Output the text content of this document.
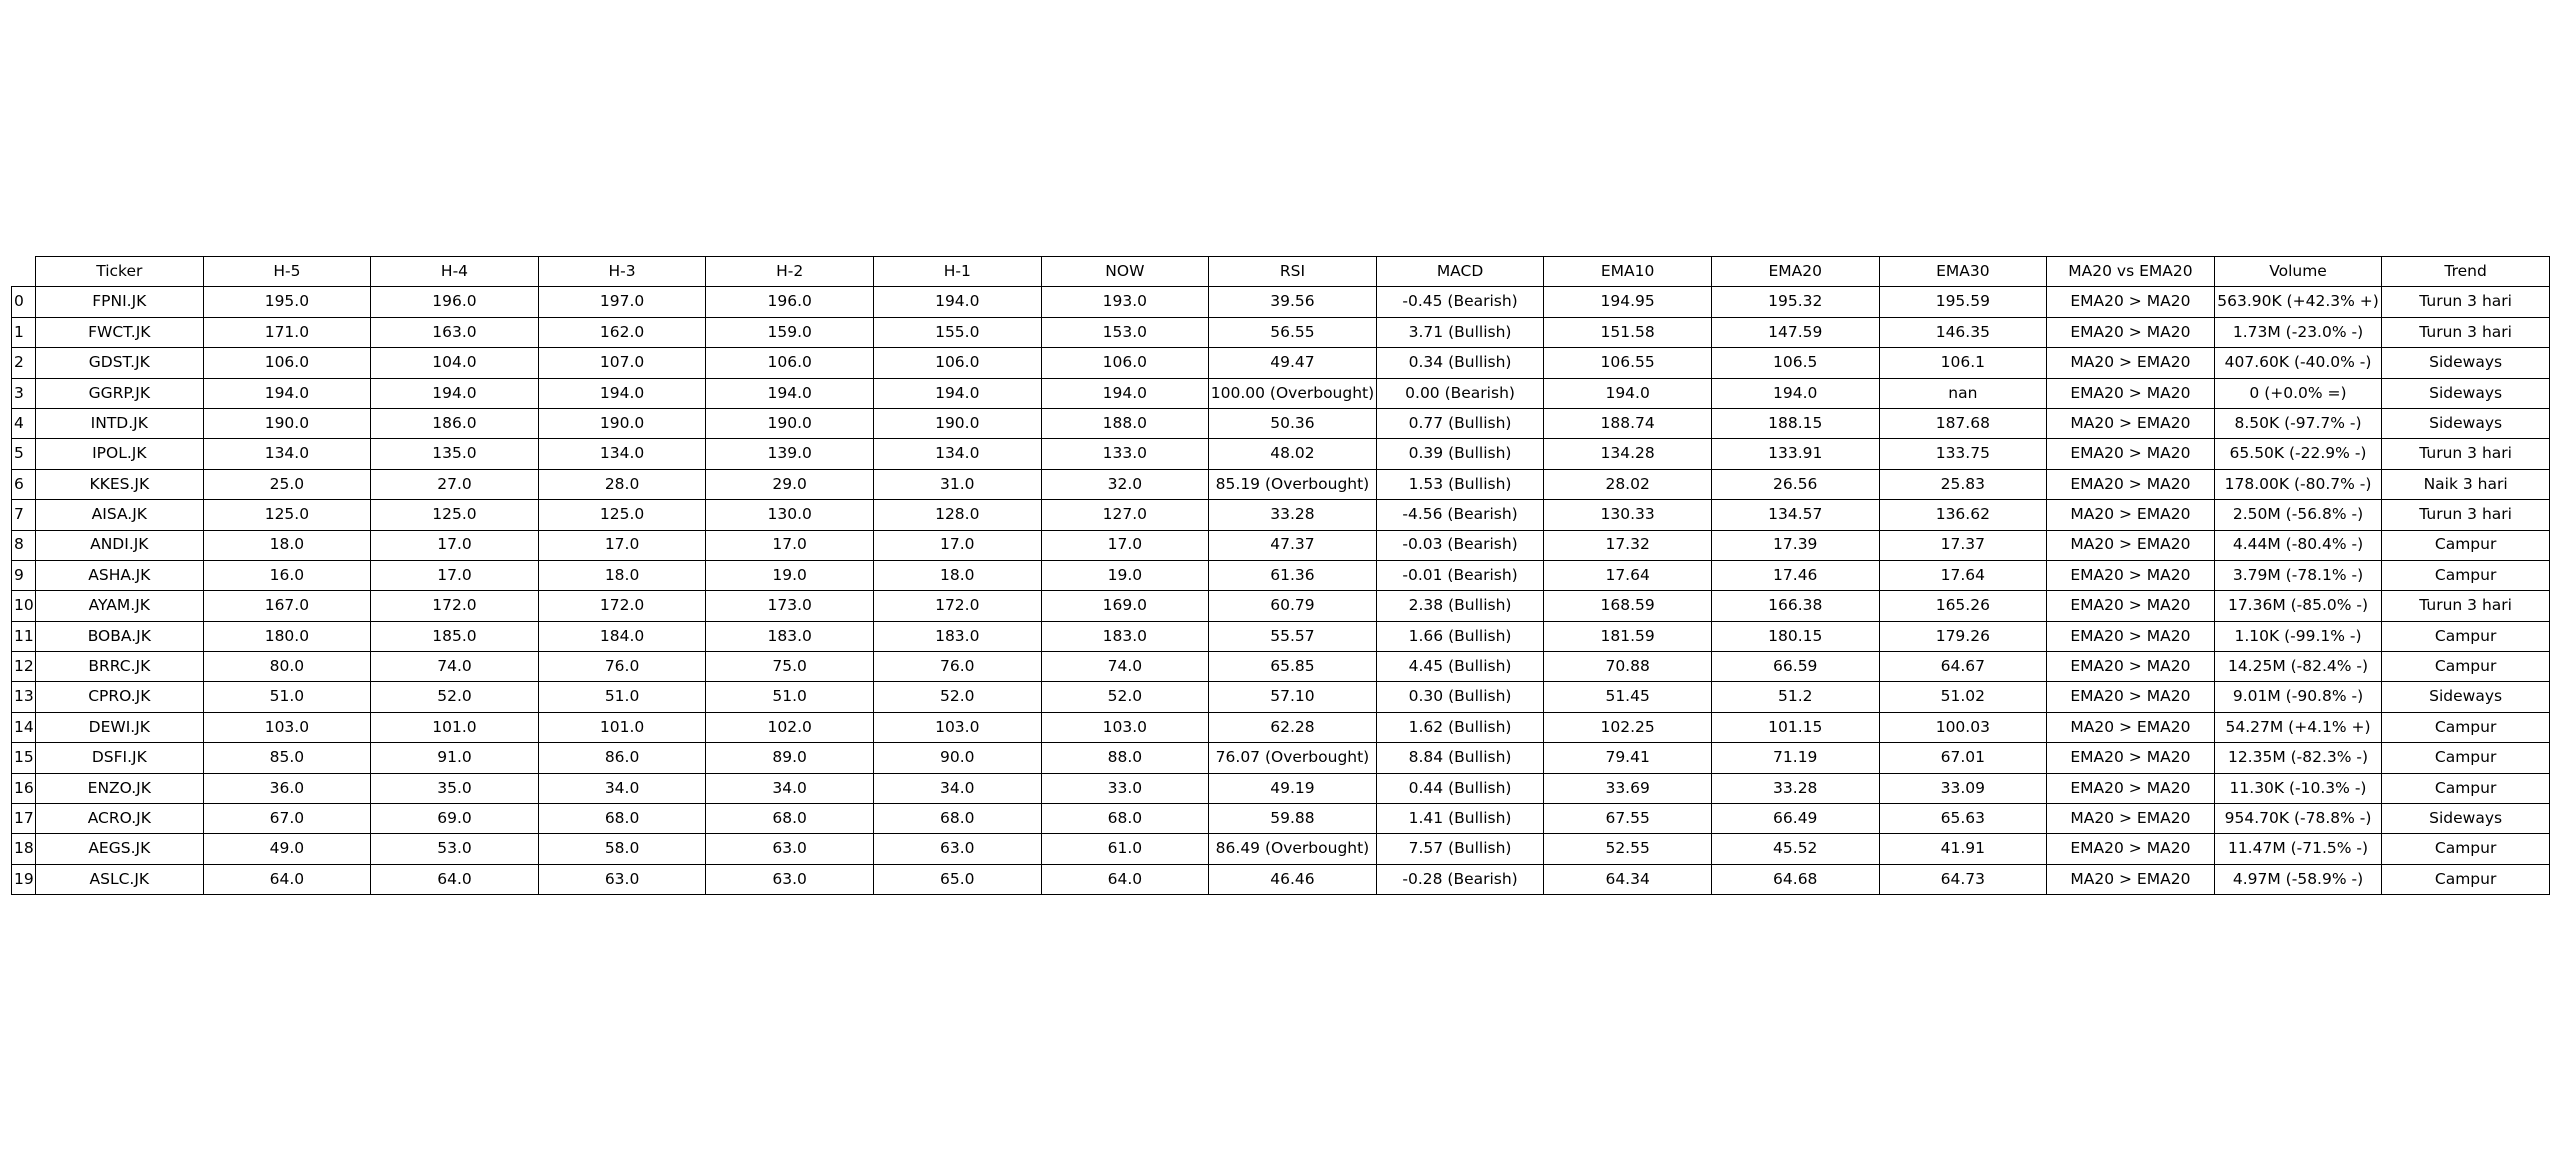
	Ticker	H-5	H-4	H-3	H-2	H-1	NOW	RSI	MACD	EMA10	EMA20	EMA30	MA20 vs EMA20	Volume	Trend
0	FPNI.JK	195.0	196.0	197.0	196.0	194.0	193.0	39.56	-0.45 (Bearish)	194.95	195.32	195.59	EMA20 > MA20	563.90K (+42.3% +)	Turun 3 hari
1	FWCT.JK	171.0	163.0	162.0	159.0	155.0	153.0	56.55	3.71 (Bullish)	151.58	147.59	146.35	EMA20 > MA20	1.73M (-23.0% -)	Turun 3 hari
2	GDST.JK	106.0	104.0	107.0	106.0	106.0	106.0	49.47	0.34 (Bullish)	106.55	106.5	106.1	MA20 > EMA20	407.60K (-40.0% -)	Sideways
3	GGRP.JK	194.0	194.0	194.0	194.0	194.0	194.0	100.00 (Overbought)	0.00 (Bearish)	194.0	194.0	nan	EMA20 > MA20	0 (+0.0% =)	Sideways
4	INTD.JK	190.0	186.0	190.0	190.0	190.0	188.0	50.36	0.77 (Bullish)	188.74	188.15	187.68	MA20 > EMA20	8.50K (-97.7% -)	Sideways
5	IPOL.JK	134.0	135.0	134.0	139.0	134.0	133.0	48.02	0.39 (Bullish)	134.28	133.91	133.75	EMA20 > MA20	65.50K (-22.9% -)	Turun 3 hari
6	KKES.JK	25.0	27.0	28.0	29.0	31.0	32.0	85.19 (Overbought)	1.53 (Bullish)	28.02	26.56	25.83	EMA20 > MA20	178.00K (-80.7% -)	Naik 3 hari
7	AISA.JK	125.0	125.0	125.0	130.0	128.0	127.0	33.28	-4.56 (Bearish)	130.33	134.57	136.62	MA20 > EMA20	2.50M (-56.8% -)	Turun 3 hari
8	ANDI.JK	18.0	17.0	17.0	17.0	17.0	17.0	47.37	-0.03 (Bearish)	17.32	17.39	17.37	MA20 > EMA20	4.44M (-80.4% -)	Campur
9	ASHA.JK	16.0	17.0	18.0	19.0	18.0	19.0	61.36	-0.01 (Bearish)	17.64	17.46	17.64	EMA20 > MA20	3.79M (-78.1% -)	Campur
10	AYAM.JK	167.0	172.0	172.0	173.0	172.0	169.0	60.79	2.38 (Bullish)	168.59	166.38	165.26	EMA20 > MA20	17.36M (-85.0% -)	Turun 3 hari
11	BOBA.JK	180.0	185.0	184.0	183.0	183.0	183.0	55.57	1.66 (Bullish)	181.59	180.15	179.26	EMA20 > MA20	1.10K (-99.1% -)	Campur
12	BRRC.JK	80.0	74.0	76.0	75.0	76.0	74.0	65.85	4.45 (Bullish)	70.88	66.59	64.67	EMA20 > MA20	14.25M (-82.4% -)	Campur
13	CPRO.JK	51.0	52.0	51.0	51.0	52.0	52.0	57.10	0.30 (Bullish)	51.45	51.2	51.02	EMA20 > MA20	9.01M (-90.8% -)	Sideways
14	DEWI.JK	103.0	101.0	101.0	102.0	103.0	103.0	62.28	1.62 (Bullish)	102.25	101.15	100.03	MA20 > EMA20	54.27M (+4.1% +)	Campur
15	DSFI.JK	85.0	91.0	86.0	89.0	90.0	88.0	76.07 (Overbought)	8.84 (Bullish)	79.41	71.19	67.01	EMA20 > MA20	12.35M (-82.3% -)	Campur
16	ENZO.JK	36.0	35.0	34.0	34.0	34.0	33.0	49.19	0.44 (Bullish)	33.69	33.28	33.09	EMA20 > MA20	11.30K (-10.3% -)	Campur
17	ACRO.JK	67.0	69.0	68.0	68.0	68.0	68.0	59.88	1.41 (Bullish)	67.55	66.49	65.63	MA20 > EMA20	954.70K (-78.8% -)	Sideways
18	AEGS.JK	49.0	53.0	58.0	63.0	63.0	61.0	86.49 (Overbought)	7.57 (Bullish)	52.55	45.52	41.91	EMA20 > MA20	11.47M (-71.5% -)	Campur
19	ASLC.JK	64.0	64.0	63.0	63.0	65.0	64.0	46.46	-0.28 (Bearish)	64.34	64.68	64.73	MA20 > EMA20	4.97M (-58.9% -)	Campur
